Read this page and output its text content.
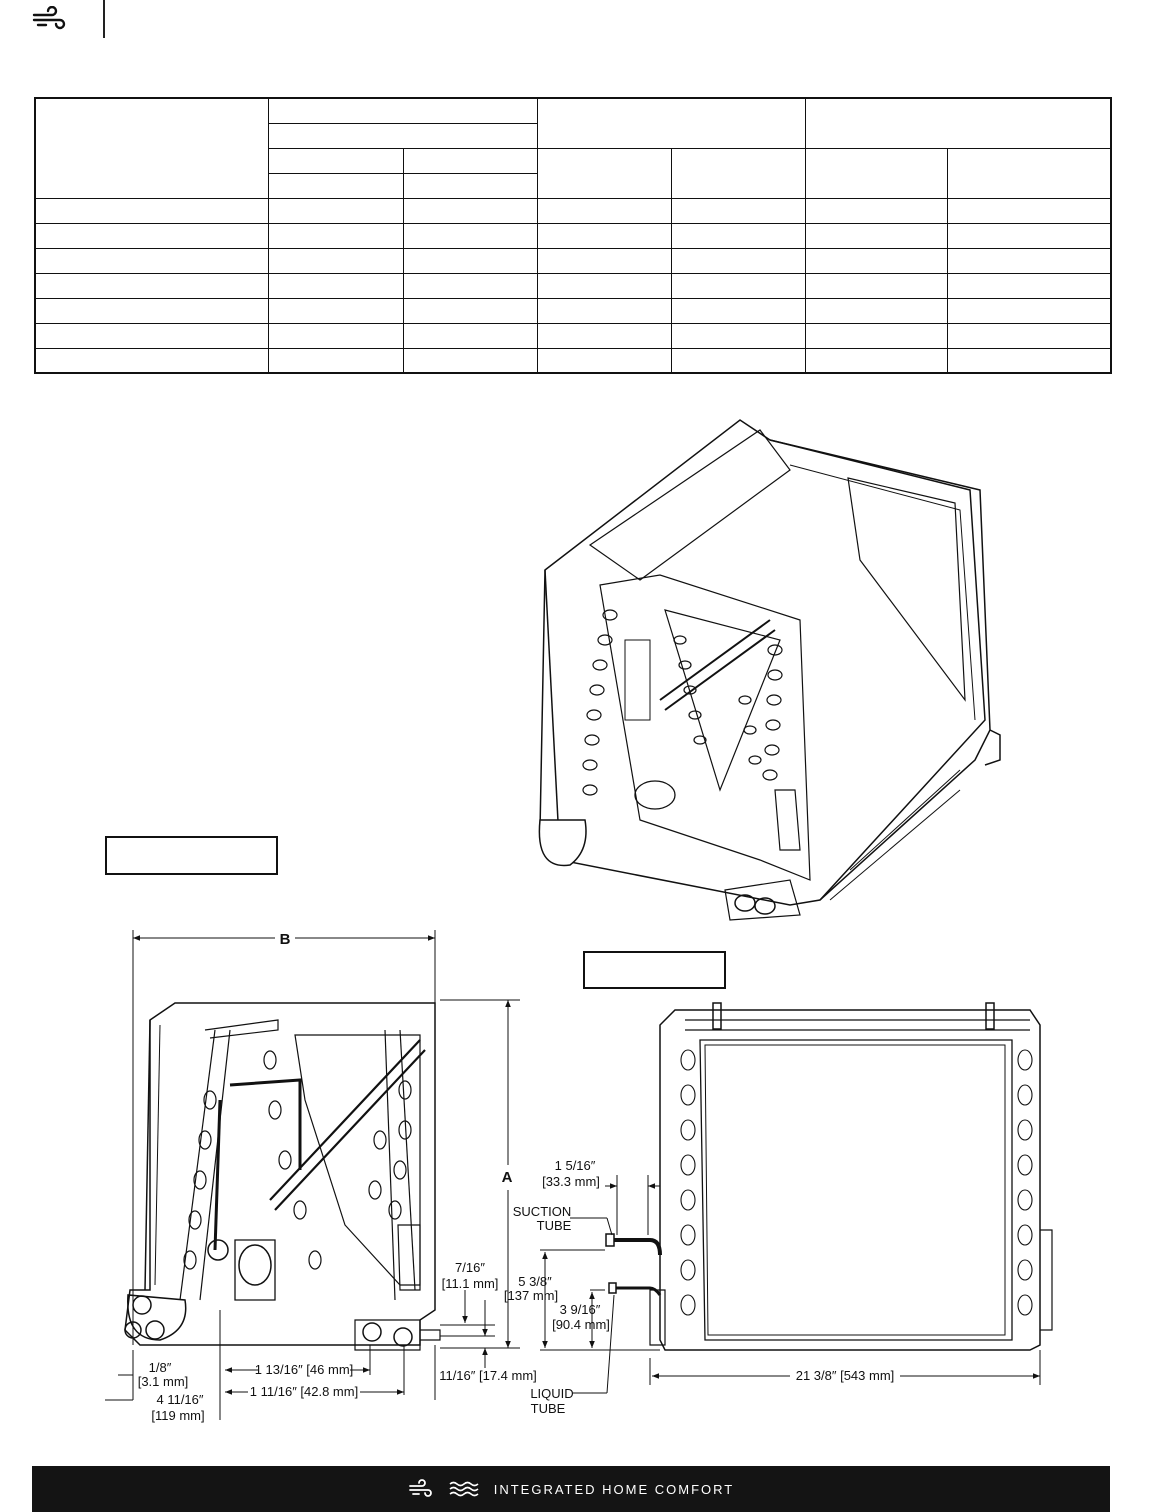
B
A
1/8″
[3.1 mm]
4 11/16″
[119 mm]
1 13/16″ [46 mm]
1 11/16″ [42.8 mm]
11/16″ [17.4 mm]
7/16″
[11.1 mm]
1 5/16″
[33.3 mm]
SUCTION
TUBE
5 3/8″
[137 mm]
3 9/16″
[90.4 mm]
LIQUID
TUBE
21 3/8″ [543 mm]
INTEGRATED HOME COMFORT
